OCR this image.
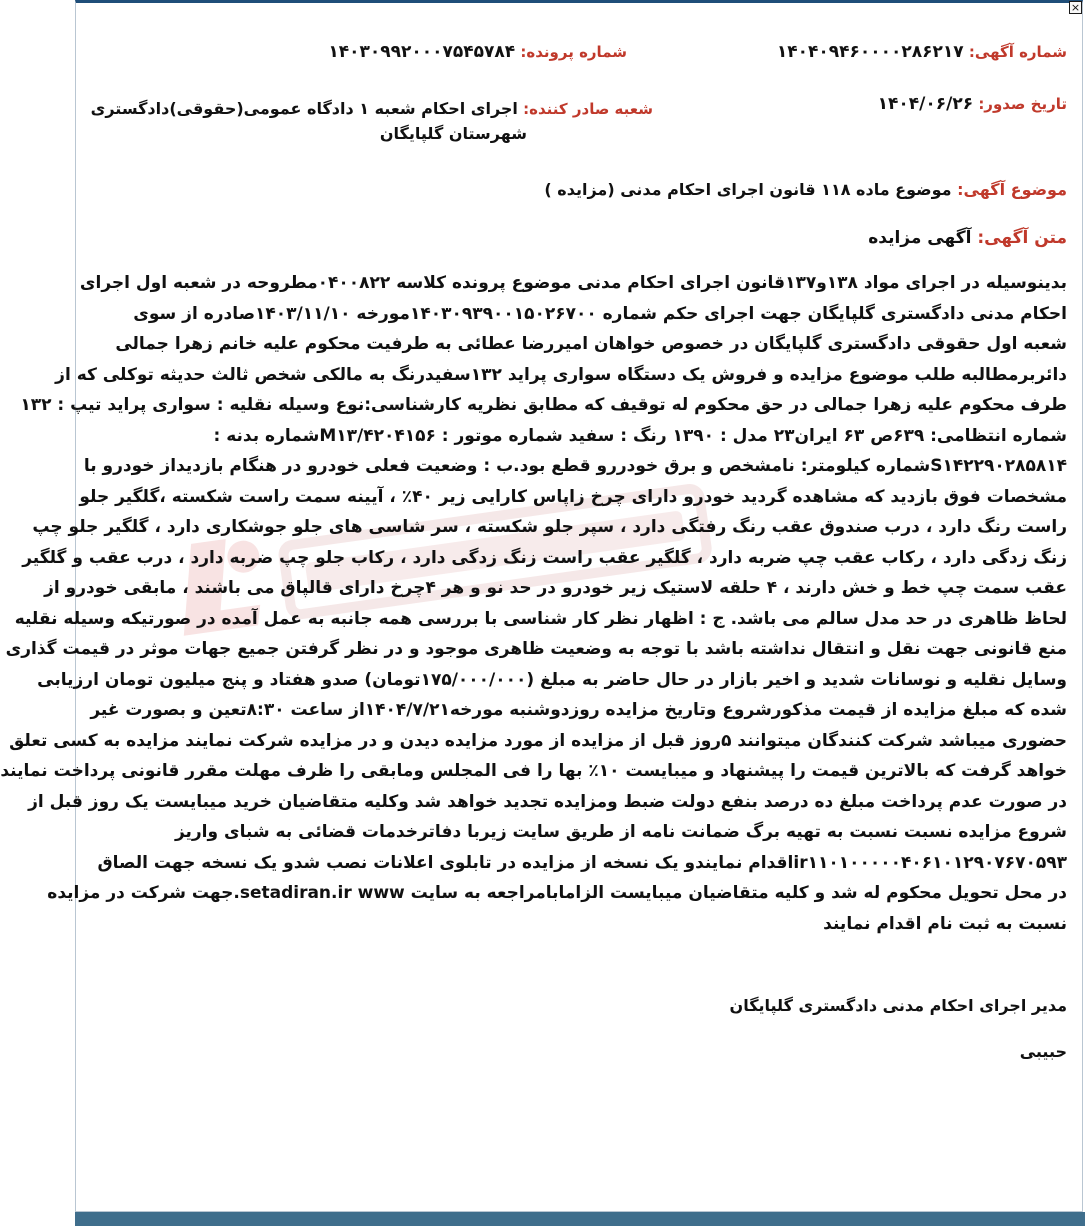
×
شماره آگهی: ۱۴۰۴۰۹۴۶۰۰۰۰۲۸۶۲۱۷
شماره پرونده: ۱۴۰۳۰۹۹۲۰۰۰۷۵۴۵۷۸۴
تاریخ صدور: ۱۴۰۴/۰۶/۲۶
شعبه صادر کننده: اجرای احکام شعبه ۱ دادگاه عمومی(حقوقی)دادگستری
شهرستان گلپایگان
موضوع آگهی: موضوع ماده ۱۱۸ قانون اجرای احکام مدنی (مزایده )
متن آگهی: آگهی مزایده
بدینوسیله در اجرای مواد ۱۳۸و۱۳۷قانون اجرای احکام مدنی موضوع پرونده کلاسه ۰۴۰۰۸۲۲مطروحه در شعبه اول اجرای
احکام مدنی دادگستری گلپایگان جهت اجرای حکم شماره ۱۴۰۳۰۹۳۹۰۰۱۵۰۲۶۷۰۰مورخه ۱۴۰۳/۱۱/۱۰صادره از سوی
شعبه اول حقوقی دادگستری گلپایگان در خصوص خواهان امیررضا عطائی به طرفیت محکوم علیه خانم زهرا جمالی
دائربرمطالبه طلب موضوع مزایده و فروش یک دستگاه سواری پراید ۱۳۲سفیدرنگ به مالکی شخص ثالث حدیثه توکلی که از
طرف محکوم علیه زهرا جمالی در حق محکوم له توقیف که مطابق نظریه کارشناسی:نوع وسیله نقلیه : سواری پراید تیپ : ۱۳۲
شماره انتظامی: ۶۳۹ص ۶۳ ایران۲۳ مدل : ۱۳۹۰ رنگ : سفید شماره موتور : M۱۳/۴۲۰۴۱۵۶شماره بدنه :
S۱۴۲۲۹۰۲۸۵۸۱۴شماره کیلومتر: نامشخص و برق خودررو قطع بود.ب : وضعیت فعلی خودرو در هنگام بازدیداز خودرو با
مشخصات فوق بازدید که مشاهده گردید خودرو دارای چرخ زاپاس کارایی زیر ۴۰٪ ، آیینه سمت راست شکسته ،گلگیر جلو
راست رنگ دارد ، درب صندوق عقب رنگ رفتگی دارد ، سپر جلو شکسته ، سر شاسی های جلو جوشکاری دارد ، گلگیر جلو چپ
زنگ زدگی دارد ، رکاب عقب چپ ضربه دارد ، گلگیر عقب راست زنگ زدگی دارد ، رکاب جلو چپ ضربه دارد ، درب عقب و گلگیر
عقب سمت چپ خط و خش دارند ، ۴ حلقه لاستیک زیر خودرو در حد نو و هر ۴چرخ دارای قالپاق می باشند ، مابقی خودرو از
لحاظ ظاهری در حد مدل سالم می باشد. ج : اظهار نظر کار شناسی با بررسی همه جانبه به عمل آمده در صورتیکه وسیله نقلیه
منع قانونی جهت نقل و انتقال نداشته باشد با توجه به وضعیت ظاهری موجود و در نظر گرفتن جمیع جهات موثر در قیمت گذاری
وسایل نقلیه و نوسانات شدید و اخیر بازار در حال حاضر به مبلغ (۱۷۵/۰۰۰/۰۰۰تومان) صدو هفتاد و پنج میلیون تومان ارزیابی
شده که مبلغ مزایده از قیمت مذکورشروع وتاریخ مزایده روزدوشنبه مورخه۱۴۰۴/۷/۲۱از ساعت ۸:۳۰تعین و بصورت غیر
حضوری میباشد شرکت کنندگان میتوانند ۵روز قبل از مزایده از مورد مزایده دیدن و در مزایده شرکت نمایند مزایده به کسی تعلق
خواهد گرفت که بالاترین قیمت را پیشنهاد و میبایست ۱۰٪ بها را فی المجلس ومابقی را ظرف مهلت مقرر قانونی پرداخت نمایند
در صورت عدم پرداخت مبلغ ده درصد بنفع دولت ضبط ومزایده تجدید خواهد شد وکلیه متقاضیان خرید میبایست یک روز قبل از
شروع مزایده نسبت نسبت به تهیه برگ ضمانت نامه از طریق سایت زیربا دفاترخدمات قضائی به شبای واریز
ir۱۱۰۱۰۰۰۰۰۴۰۶۱۰۱۲۹۰۷۶۷۰۵۹۳اقدام نمایندو یک نسخه از مزایده در تابلوی اعلانات نصب شدو یک نسخه جهت الصاق
در محل تحویل محکوم له شد و کلیه متقاضیان میبایست الزامابامراجعه به سایت setadiran.ir www.جهت شرکت در مزایده
نسبت به ثبت نام اقدام نمایند
مدیر اجرای احکام مدنی دادگستری گلپایگان
حبیبی
